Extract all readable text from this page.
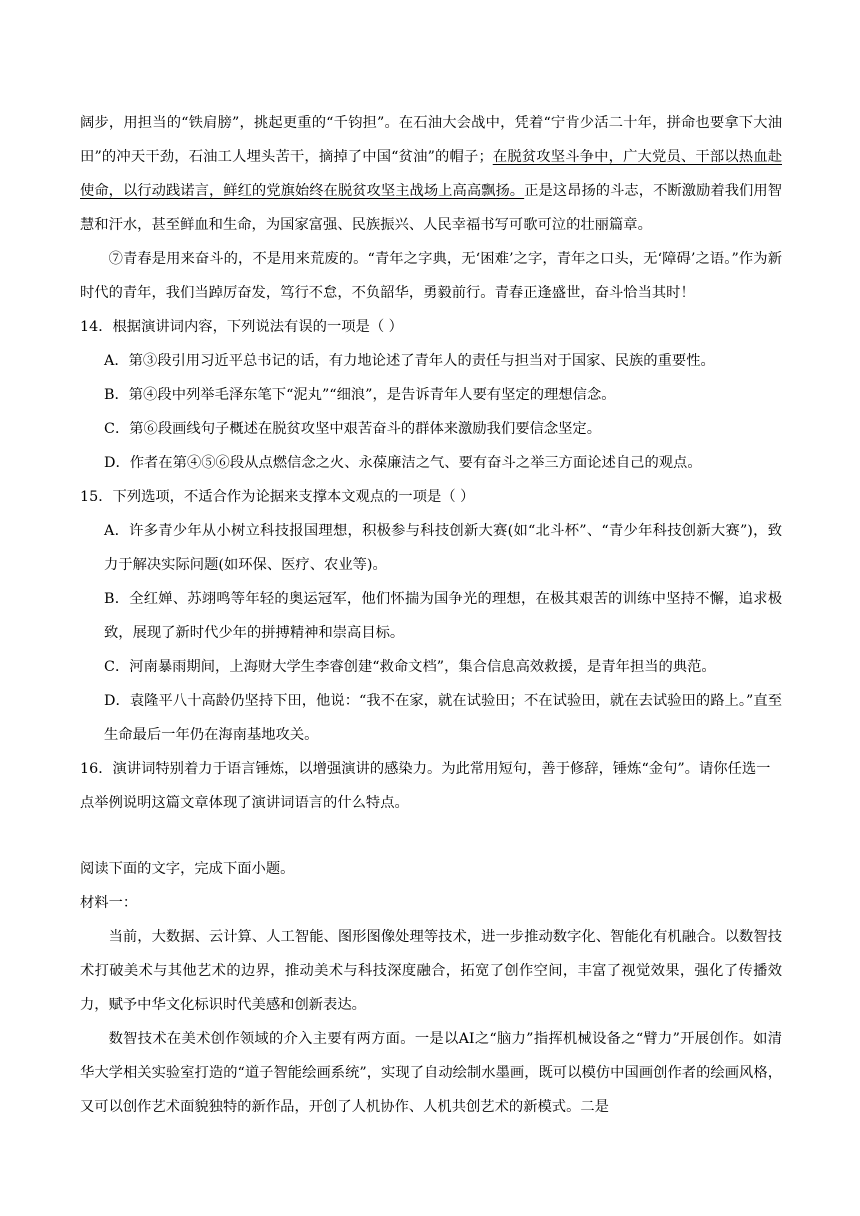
阔步，用担当的“铁肩膀”，挑起更重的“千钧担”。在石油大会战中，凭着“宁肯少活二十年，拼命也要拿下大油田”的冲天干劲，石油工人埋头苦干，摘掉了中国“贫油”的帽子；在脱贫攻坚斗争中，广大党员、干部以热血赴使命，以行动践诺言，鲜红的党旗始终在脱贫攻坚主战场上高高飘扬。正是这昂扬的斗志，不断激励着我们用智慧和汗水，甚至鲜血和生命，为国家富强、民族振兴、人民幸福书写可歌可泣的壮丽篇章。

⑦青春是用来奋斗的，不是用来荒废的。“青年之字典，无‘困难’之字，青年之口头，无‘障碍’之语。”作为新时代的青年，我们当踔厉奋发，笃行不怠，不负韶华，勇毅前行。青春正逢盛世，奋斗恰当其时！

14．根据演讲词内容，下列说法有误的一项是（ ）

A．第③段引用习近平总书记的话，有力地论述了青年人的责任与担当对于国家、民族的重要性。

B．第④段中列举毛泽东笔下“泥丸”“细浪”，是告诉青年人要有坚定的理想信念。

C．第⑥段画线句子概述在脱贫攻坚中艰苦奋斗的群体来激励我们要信念坚定。

D．作者在第④⑤⑥段从点燃信念之火、永葆廉洁之气、要有奋斗之举三方面论述自己的观点。

15．下列选项，不适合作为论据来支撑本文观点的一项是（ ）

A．许多青少年从小树立科技报国理想，积极参与科技创新大赛(如“北斗杯”、“青少年科技创新大赛”)，致力于解决实际问题(如环保、医疗、农业等)。

B．全红婵、苏翊鸣等年轻的奥运冠军，他们怀揣为国争光的理想，在极其艰苦的训练中坚持不懈，追求极致，展现了新时代少年的拼搏精神和崇高目标。

C．河南暴雨期间，上海财大学生李睿创建“救命文档”，集合信息高效救援，是青年担当的典范。

D．袁隆平八十高龄仍坚持下田，他说：“我不在家，就在试验田；不在试验田，就在去试验田的路上。”直至生命最后一年仍在海南基地攻关。

16．演讲词特别着力于语言锤炼，以增强演讲的感染力。为此常用短句，善于修辞，锤炼“金句”。请你任选一点举例说明这篇文章体现了演讲词语言的什么特点。

阅读下面的文字，完成下面小题。

材料一：

当前，大数据、云计算、人工智能、图形图像处理等技术，进一步推动数字化、智能化有机融合。以数智技术打破美术与其他艺术的边界，推动美术与科技深度融合，拓宽了创作空间，丰富了视觉效果，强化了传播效力，赋予中华文化标识时代美感和创新表达。

数智技术在美术创作领域的介入主要有两方面。一是以AI之“脑力”指挥机械设备之“臂力”开展创作。如清华大学相关实验室打造的“道子智能绘画系统”，实现了自动绘制水墨画，既可以模仿中国画创作者的绘画风格，又可以创作艺术面貌独特的新作品，开创了人机协作、人机共创艺术的新模式。二是
